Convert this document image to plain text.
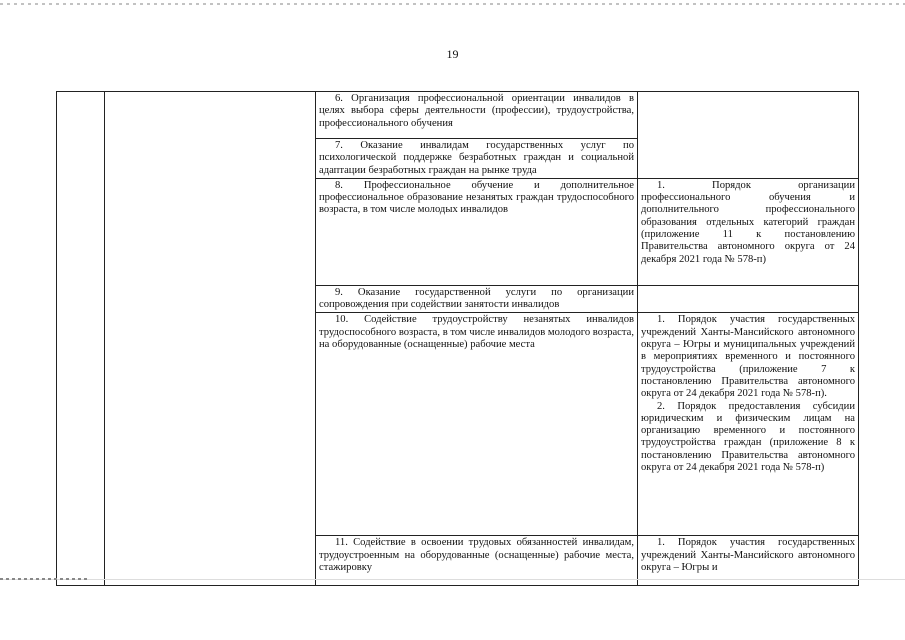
19

		6. Организация профессиональной ориентации инвалидов в целях выбора сферы деятельности (профессии), трудоустройства, профессионального обучения	

		7. Оказание инвалидам государственных услуг по психологической поддержке безработных граждан и социальной адаптации безработных граждан на рынке труда	

		8. Профессиональное обучение и дополнительное профессиональное образование незанятых граждан трудоспособного возраста, в том числе молодых инвалидов	1. Порядок организации профессионального обучения и дополнительного профессионального образования отдельных категорий граждан (приложение 11 к постановлению Правительства автономного округа от 24 декабря 2021 года № 578-п)

		9. Оказание государственной услуги по организации сопровождения при содействии занятости инвалидов	

		10. Содействие трудоустройству незанятых инвалидов трудоспособного возраста, в том числе инвалидов молодого возраста, на оборудованные (оснащенные) рабочие места	1. Порядок участия государственных учреждений Ханты-Мансийского автономного округа – Югры и муниципальных учреждений в мероприятиях временного и постоянного трудоустройства (приложение 7 к постановлению Правительства автономного округа от 24 декабря 2021 года № 578-п).
2. Порядок предоставления субсидии юридическим и физическим лицам на организацию временного и постоянного трудоустройства граждан (приложение 8 к постановлению Правительства автономного округа от 24 декабря 2021 года № 578-п)

		11. Содействие в освоении трудовых обязанностей инвалидам, трудоустроенным на оборудованные (оснащенные) рабочие места, стажировку	1. Порядок участия государственных учреждений Ханты-Мансийского автономного округа – Югры и
